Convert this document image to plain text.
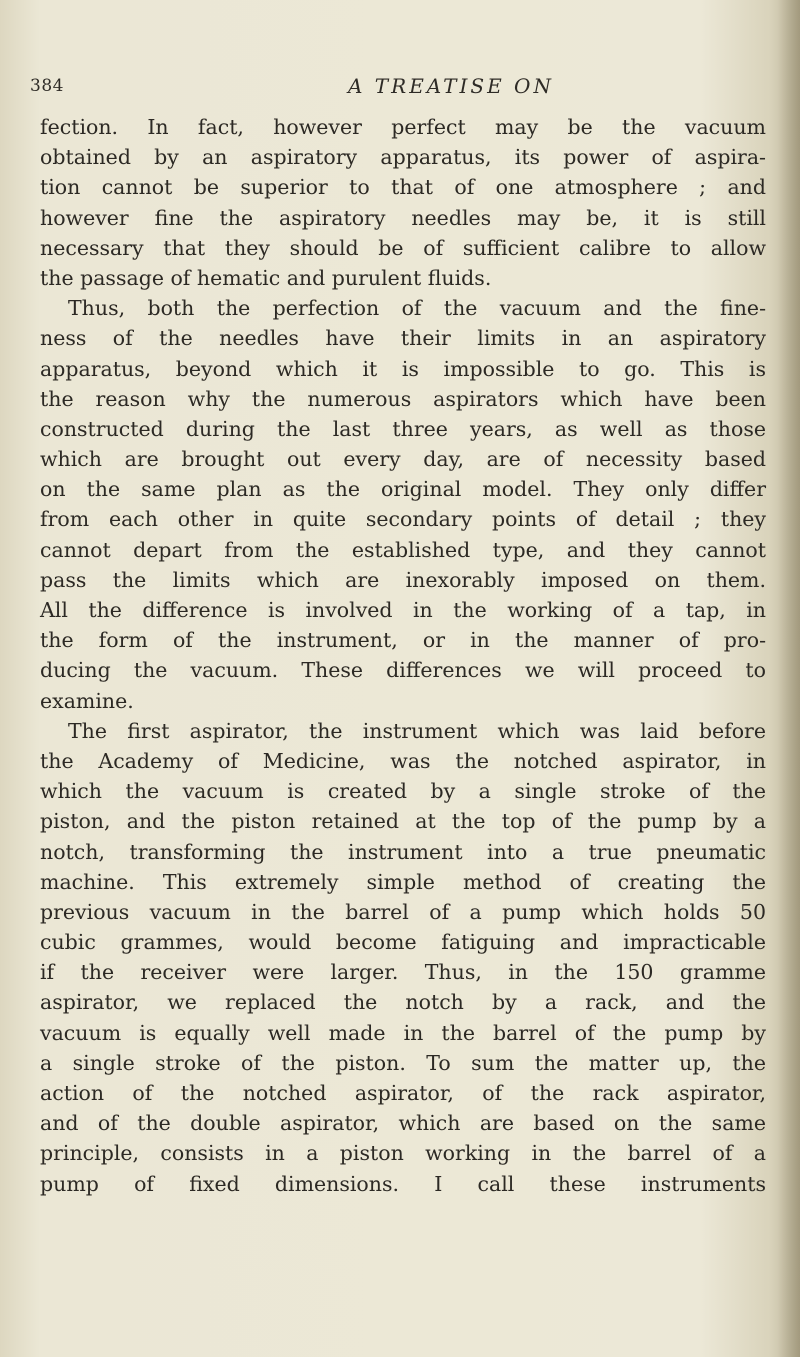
384	A TREATISE ON
fection. In fact, however perfect may be the vacuum
obtained by an aspiratory apparatus, its power of aspira-
tion cannot be superior to that of one atmosphere ; and
however fine the aspiratory needles may be, it is still
necessary that they should be of sufficient calibre to allow
the passage of hematic and purulent fluids.
Thus, both the perfection of the vacuum and the fine-
ness of the needles have their limits in an aspiratory
apparatus, beyond which it is impossible to go. This is
the reason why the numerous aspirators which have been
constructed during the last three years, as well as those
which are brought out every day, are of necessity based
on the same plan as the original model. They only differ
from each other in quite secondary points of detail ; they
cannot depart from the established type, and they cannot
pass the limits which are inexorably imposed on them.
All the difference is involved in the working of a tap, in
the form of the instrument, or in the manner of pro-
ducing the vacuum. These differences we will proceed to
examine.
The first aspirator, the instrument which was laid before
the Academy of Medicine, was the notched aspirator, in
which the vacuum is created by a single stroke of the
piston, and the piston retained at the top of the pump by a
notch, transforming the instrument into a true pneumatic
machine. This extremely simple method of creating the
previous vacuum in the barrel of a pump which holds 50
cubic grammes, would become fatiguing and impracticable
if the receiver were larger. Thus, in the 150 gramme
aspirator, we replaced the notch by a rack, and the
vacuum is equally well made in the barrel of the pump by
a single stroke of the piston. To sum the matter up, the
action of the notched aspirator, of the rack aspirator,
and of the double aspirator, which are based on the same
principle, consists in a piston working in the barrel of a
pump of fixed dimensions. I call these instruments
